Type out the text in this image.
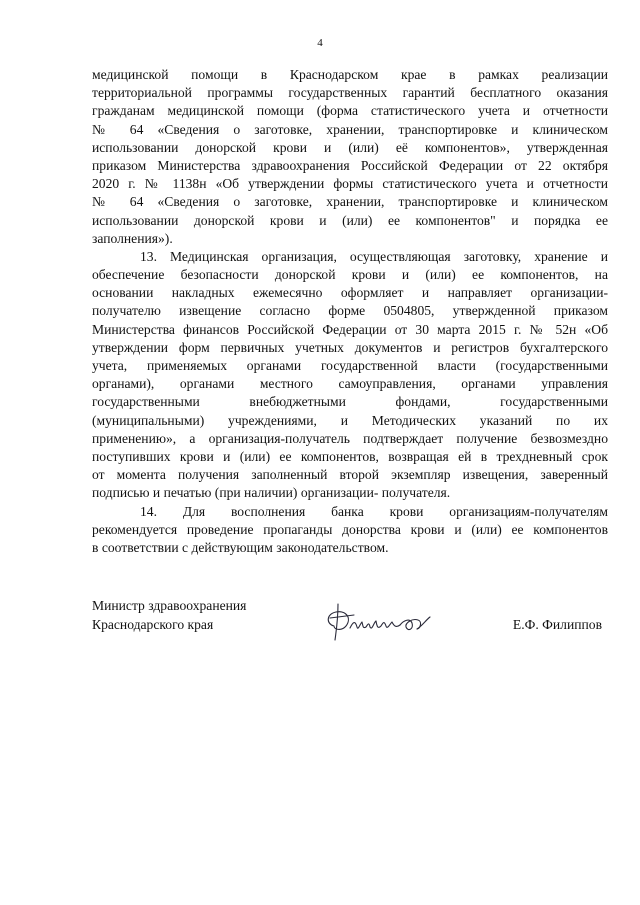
4
медицинской помощи в Краснодарском крае в рамках реализации
территориальной программы государственных гарантий бесплатного оказания
гражданам медицинской помощи (форма статистического учета и отчетности
№ 64 «Сведения о заготовке, хранении, транспортировке и клиническом
использовании донорской крови и (или) её компонентов», утвержденная
приказом Министерства здравоохранения Российской Федерации от 22 октября
2020 г. № 1138н «Об утверждении формы статистического учета и отчетности
№ 64 «Сведения о заготовке, хранении, транспортировке и клиническом
использовании донорской крови и (или) ее компонентов" и порядка ее
заполнения»).
13. Медицинская организация, осуществляющая заготовку, хранение и
обеспечение безопасности донорской крови и (или) ее компонентов, на
основании накладных ежемесячно оформляет и направляет организации-
получателю извещение согласно форме 0504805, утвержденной приказом
Министерства финансов Российской Федерации от 30 марта 2015 г. № 52н «Об
утверждении форм первичных учетных документов и регистров бухгалтерского
учета, применяемых органами государственной власти (государственными
органами), органами местного самоуправления, органами управления
государственными внебюджетными фондами, государственными
(муниципальными) учреждениями, и Методических указаний по их
применению», а организация-получатель подтверждает получение безвозмездно
поступивших крови и (или) ее компонентов, возвращая ей в трехдневный срок
от момента получения заполненный второй экземпляр извещения, заверенный
подписью и печатью (при наличии) организации- получателя.
14. Для восполнения банка крови организациям-получателям
рекомендуется проведение пропаганды донорства крови и (или) ее компонентов
в соответствии с действующим законодательством.
Министр здравоохранения
Краснодарского края	Е.Ф. Филиппов
